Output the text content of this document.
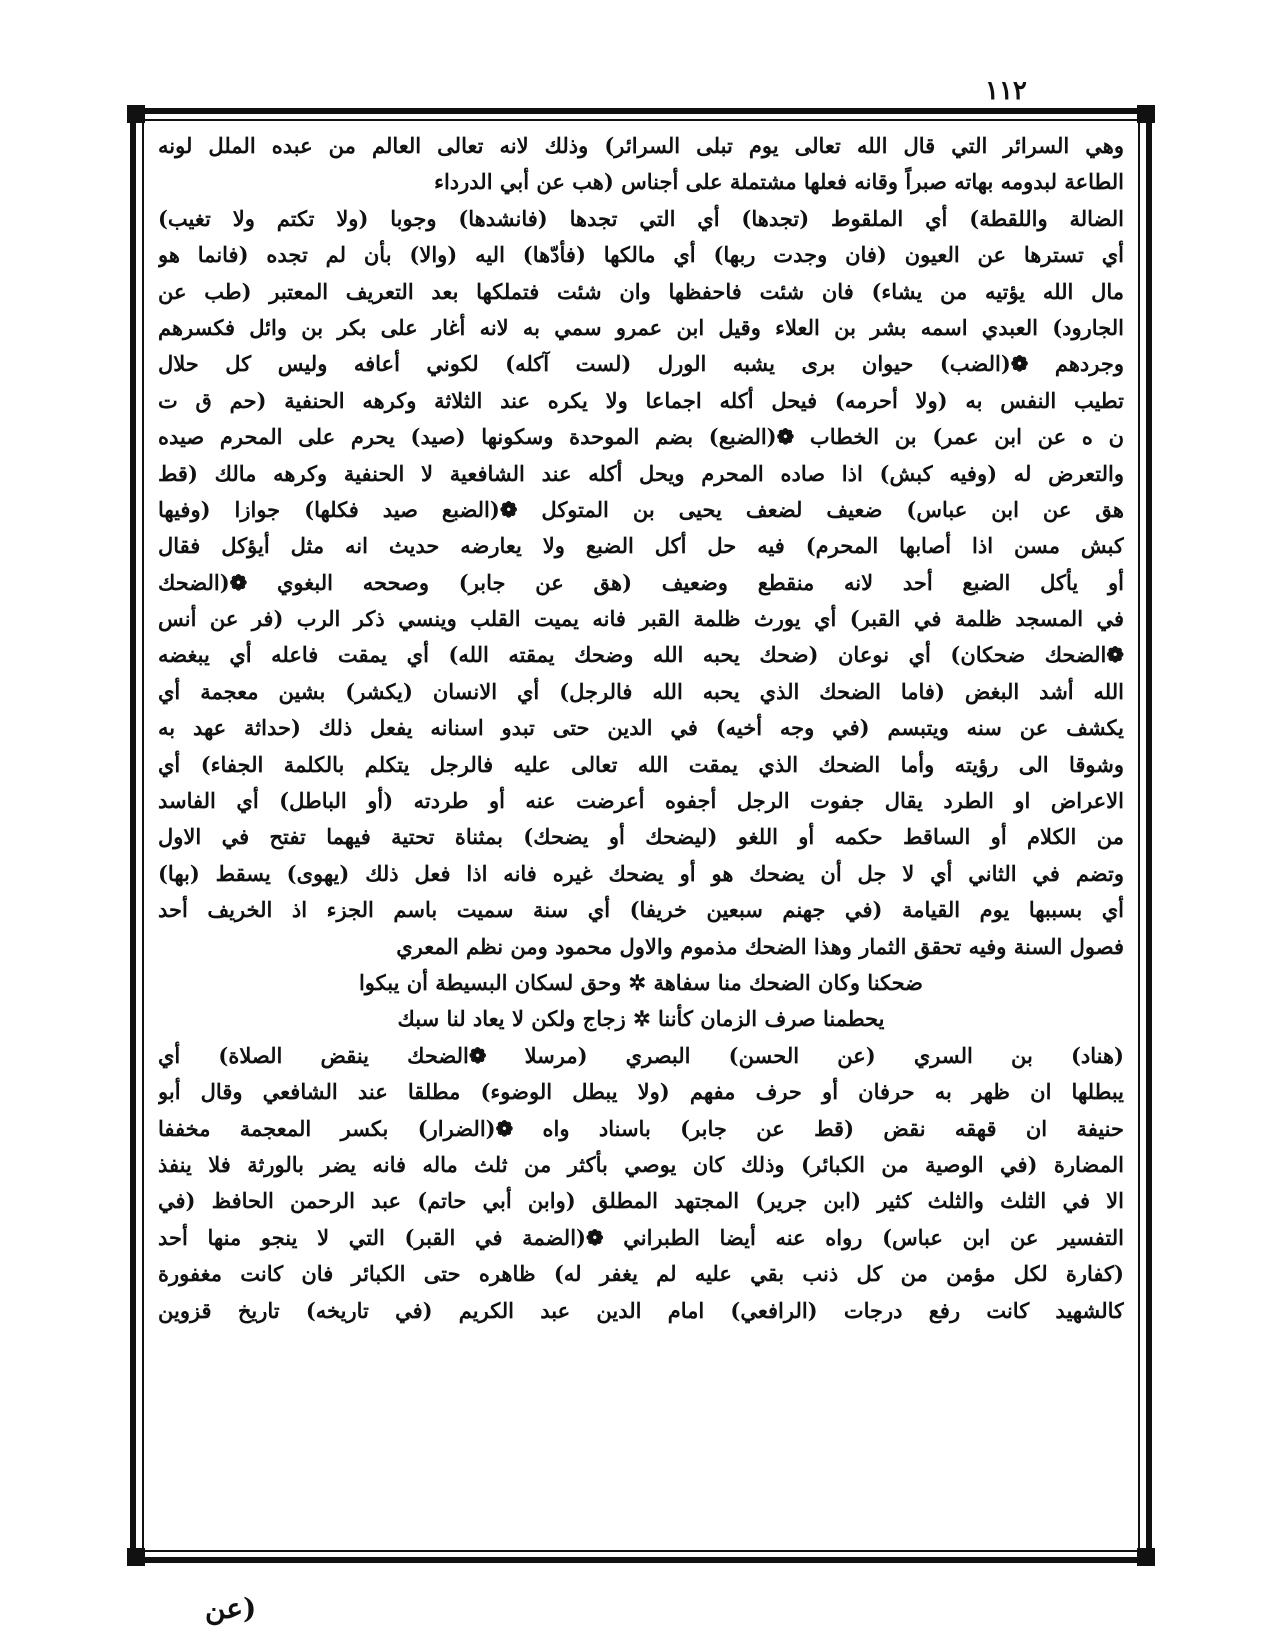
١١٢
وهي السرائر التي قال الله تعالى يوم تبلى السرائر) وذلك لانه تعالى العالم من عبده الملل لونه
الطاعة لبدومه بهاته صبراً وقانه فعلها مشتملة على أجناس (هب عن أبي الدرداء
الضالة واللقطة) أي الملقوط (تجدها) أي التي تجدها (فانشدها) وجوبا (ولا تكتم ولا تغيب)
أي تسترها عن العيون (فان وجدت ربها) أي مالكها (فأدّها) اليه (والا) بأن لم تجده (فانما هو
مال الله يؤتيه من يشاء) فان شئت فاحفظها وان شئت فتملكها بعد التعريف المعتبر (طب عن
الجارود) العبدي اسمه بشر بن العلاء وقيل ابن عمرو سمي به لانه أغار على بكر بن وائل فكسرهم
وجردهم ❁(الضب) حيوان برى يشبه الورل (لست آكله) لكوني أعافه وليس كل حلال
تطيب النفس به (ولا أحرمه) فيحل أكله اجماعا ولا يكره عند الثلاثة وكرهه الحنفية (حم ق ت
ن ه عن ابن عمر) بن الخطاب ❁(الضبع) بضم الموحدة وسكونها (صيد) يحرم على المحرم صيده
والتعرض له (وفيه كبش) اذا صاده المحرم ويحل أكله عند الشافعية لا الحنفية وكرهه مالك (قط
هق عن ابن عباس) ضعيف لضعف يحيى بن المتوكل ❁(الضبع صيد فكلها) جوازا (وفيها
كبش مسن اذا أصابها المحرم) فيه حل أكل الضبع ولا يعارضه حديث انه مثل أيؤكل فقال
أو يأكل الضبع أحد لانه منقطع وضعيف (هق عن جابر) وصححه البغوي ❁(الضحك
في المسجد ظلمة في القبر) أي يورث ظلمة القبر فانه يميت القلب وينسي ذكر الرب (فر عن أنس
❁الضحك ضحكان) أي نوعان (ضحك يحبه الله وضحك يمقته الله) أي يمقت فاعله أي يبغضه
الله أشد البغض (فاما الضحك الذي يحبه الله فالرجل) أي الانسان (يكشر) بشين معجمة أي
يكشف عن سنه ويتبسم (في وجه أخيه) في الدين حتى تبدو اسنانه يفعل ذلك (حداثة عهد به
وشوقا الى رؤيته وأما الضحك الذي يمقت الله تعالى عليه فالرجل يتكلم بالكلمة الجفاء) أي
الاعراض او الطرد يقال جفوت الرجل أجفوه أعرضت عنه أو طردته (أو الباطل) أي الفاسد
من الكلام أو الساقط حكمه أو اللغو (ليضحك أو يضحك) بمثناة تحتية فيهما تفتح في الاول
وتضم في الثاني أي لا جل أن يضحك هو أو يضحك غيره فانه اذا فعل ذلك (يهوى) يسقط (بها)
أي بسببها يوم القيامة (في جهنم سبعين خريفا) أي سنة سميت باسم الجزء اذ الخريف أحد
فصول السنة وفيه تحقق الثمار وهذا الضحك مذموم والاول محمود ومن نظم المعري
ضحكنا وكان الضحك منا سفاهة ✲ وحق لسكان البسيطة أن يبكوا
يحطمنا صرف الزمان كأننا ✲ زجاج ولكن لا يعاد لنا سبك
(هناد) بن السري (عن الحسن) البصري (مرسلا ❁الضحك ينقض الصلاة) أي
يبطلها ان ظهر به حرفان أو حرف مفهم (ولا يبطل الوضوء) مطلقا عند الشافعي وقال أبو
حنيفة ان قهقه نقض (قط عن جابر) باسناد واه ❁(الضرار) بكسر المعجمة مخففا
المضارة (في الوصية من الكبائر) وذلك كان يوصي بأكثر من ثلث ماله فانه يضر بالورثة فلا ينفذ
الا في الثلث والثلث كثير (ابن جرير) المجتهد المطلق (وابن أبي حاتم) عبد الرحمن الحافظ (في
التفسير عن ابن عباس) رواه عنه أيضا الطبراني ❁(الضمة في القبر) التي لا ينجو منها أحد
(كفارة لكل مؤمن من كل ذنب بقي عليه لم يغفر له) ظاهره حتى الكبائر فان كانت مغفورة
كالشهيد كانت رفع درجات (الرافعي) امام الدين عبد الكريم (في تاريخه) تاريخ قزوين
(عن
